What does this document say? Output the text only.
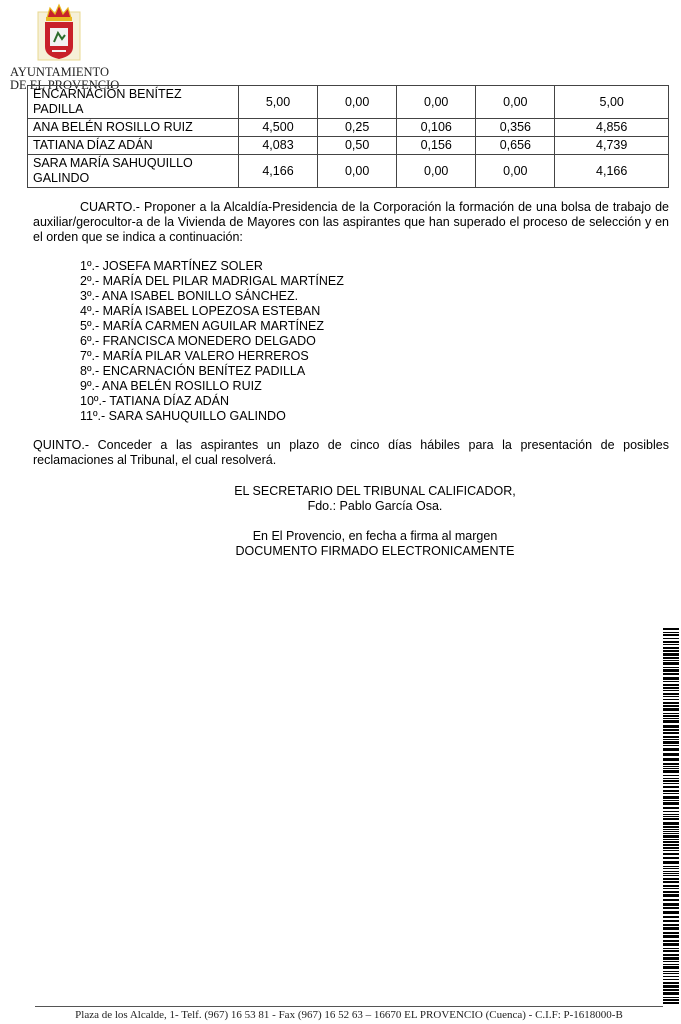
AYUNTAMIENTO
DE EL PROVENCIO
ENCARNACIÓN BENÍTEZ
PADILLA	5,00	0,00	0,00	0,00	5,00
ANA BELÉN ROSILLO RUIZ	4,500	0,25	0,106	0,356	4,856
TATIANA DÍAZ ADÁN	4,083	0,50	0,156	0,656	4,739
SARA MARÍA SAHUQUILLO
GALINDO	4,166	0,00	0,00	0,00	4,166

CUARTO.- Proponer a la Alcaldía-Presidencia de la Corporación la formación de una bolsa de trabajo de auxiliar/gerocultor-a de la Vivienda de Mayores con las aspirantes que han superado el proceso de selección y en el orden que se indica a continuación:

1º.- JOSEFA MARTÍNEZ SOLER
2º.- MARÍA DEL PILAR MADRIGAL MARTÍNEZ
3º.- ANA ISABEL BONILLO SÁNCHEZ.
4º.- MARÍA ISABEL LOPEZOSA ESTEBAN
5º.- MARÍA CARMEN AGUILAR MARTÍNEZ
6º.- FRANCISCA MONEDERO DELGADO
7º.- MARÍA PILAR VALERO HERREROS
8º.- ENCARNACIÓN BENÍTEZ PADILLA
9º.- ANA BELÉN ROSILLO RUIZ
10º.- TATIANA DÍAZ ADÁN
11º.- SARA SAHUQUILLO GALINDO

QUINTO.- Conceder a las aspirantes un plazo de cinco días hábiles para la presentación de posibles reclamaciones al Tribunal, el cual resolverá.

EL SECRETARIO DEL TRIBUNAL CALIFICADOR,
Fdo.: Pablo García Osa.
En El Provencio, en fecha a firma al margen
DOCUMENTO FIRMADO ELECTRONICAMENTE
Plaza de los Alcalde, 1- Telf. (967) 16 53 81 - Fax (967) 16 52 63 – 16670 EL PROVENCIO (Cuenca) - C.I.F: P-1618000-B
